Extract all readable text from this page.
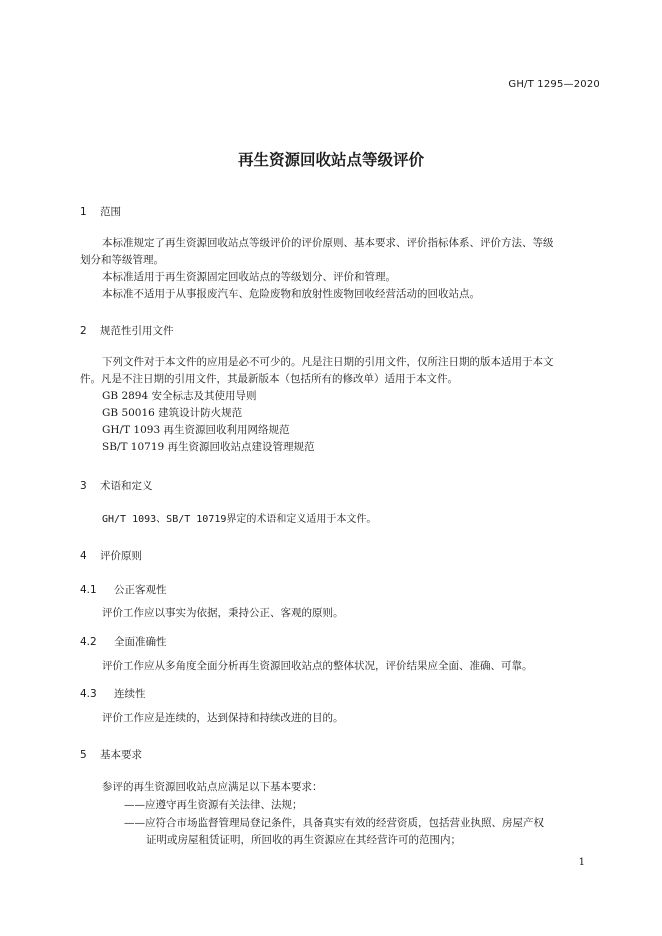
GH/T 1295—2020
再生资源回收站点等级评价
1 范围
本标准规定了再生资源回收站点等级评价的评价原则、基本要求、评价指标体系、评价方法、等级
划分和等级管理。
本标准适用于再生资源固定回收站点的等级划分、评价和管理。
本标准不适用于从事报废汽车、危险废物和放射性废物回收经营活动的回收站点。
2 规范性引用文件
下列文件对于本文件的应用是必不可少的。凡是注日期的引用文件，仅所注日期的版本适用于本文
件。凡是不注日期的引用文件，其最新版本（包括所有的修改单）适用于本文件。
GB 2894 安全标志及其使用导则
GB 50016 建筑设计防火规范
GH/T 1093 再生资源回收利用网络规范
SB/T 10719 再生资源回收站点建设管理规范
3 术语和定义
GH/T 1093、SB/T 10719界定的术语和定义适用于本文件。
4 评价原则
4.1 公正客观性
评价工作应以事实为依据，秉持公正、客观的原则。
4.2 全面准确性
评价工作应从多角度全面分析再生资源回收站点的整体状况，评价结果应全面、准确、可靠。
4.3 连续性
评价工作应是连续的，达到保持和持续改进的目的。
5 基本要求
参评的再生资源回收站点应满足以下基本要求：
——应遵守再生资源有关法律、法规；
——应符合市场监督管理局登记条件，具备真实有效的经营资质，包括营业执照、房屋产权
证明或房屋租赁证明，所回收的再生资源应在其经营许可的范围内；
1
